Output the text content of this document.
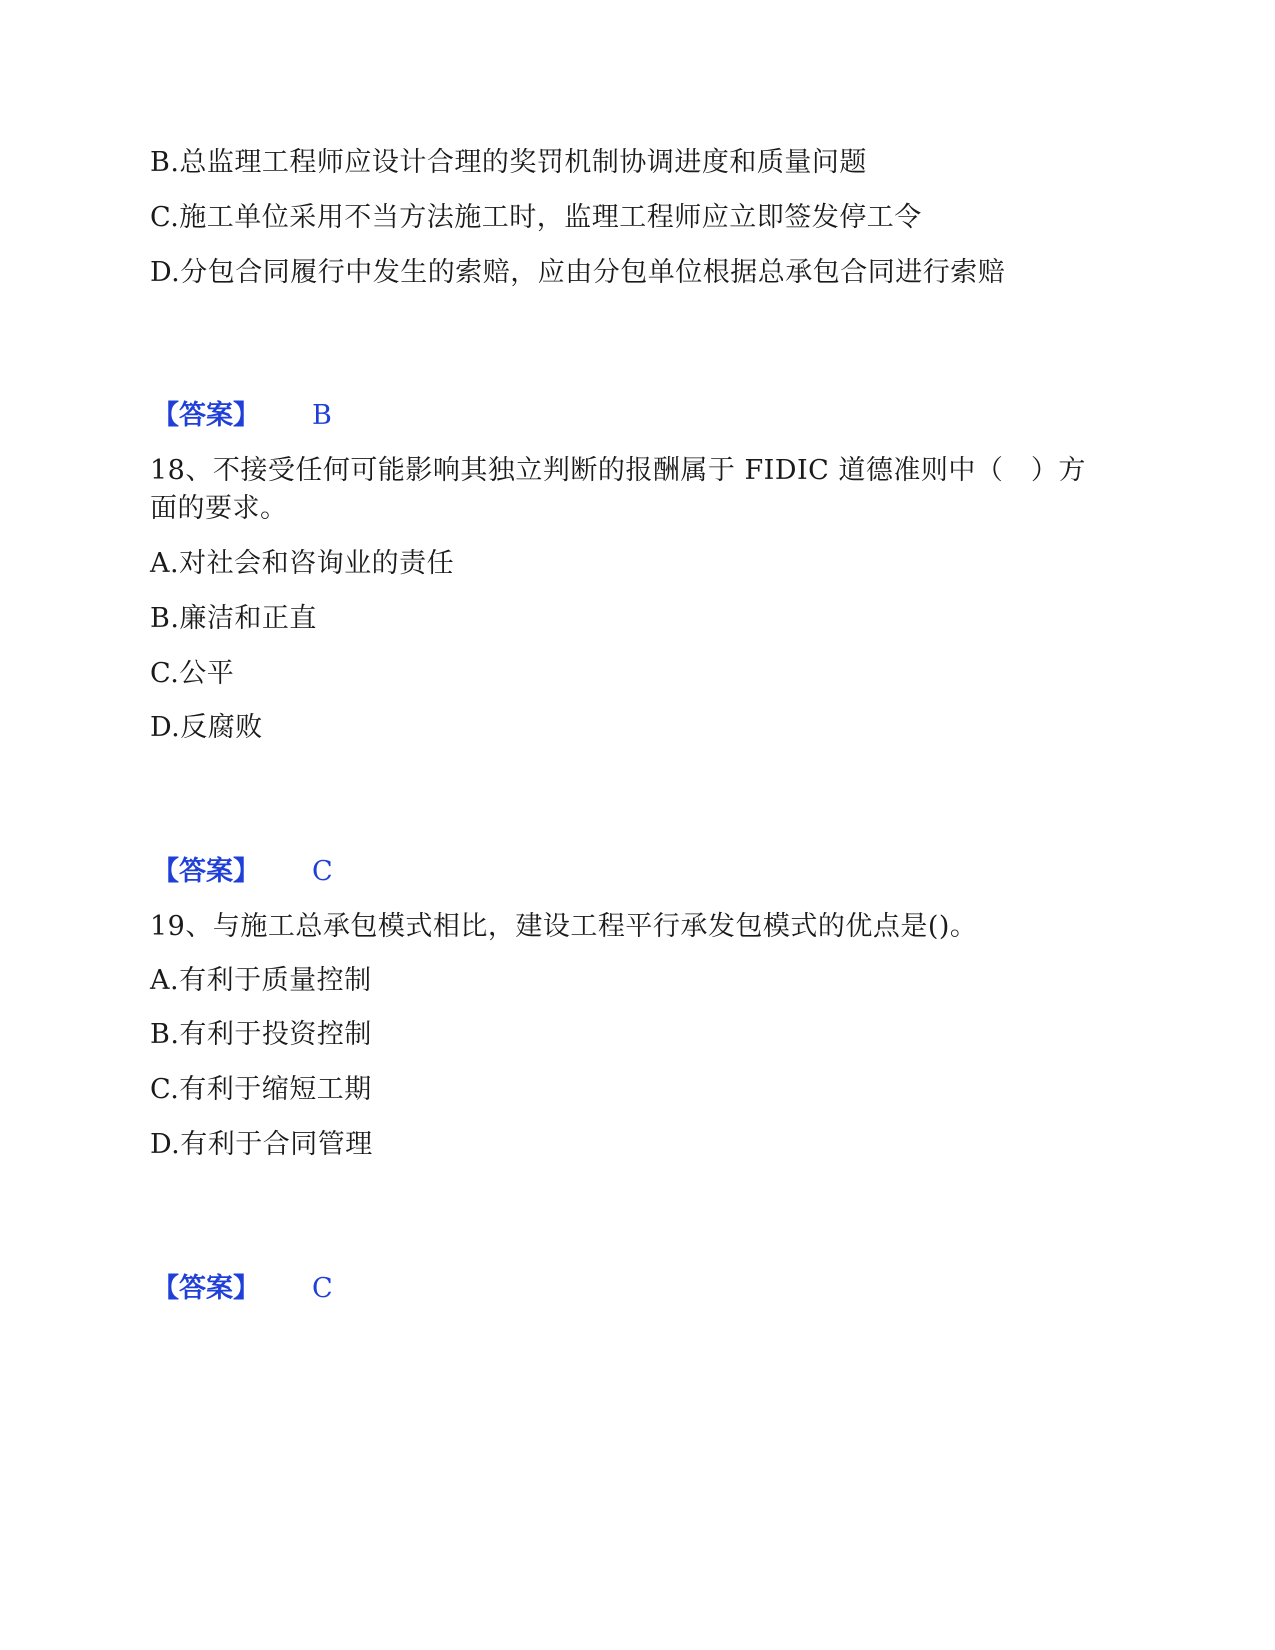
B.总监理工程师应设计合理的奖罚机制协调进度和质量问题
C.施工单位采用不当方法施工时，监理工程师应立即签发停工令
D.分包合同履行中发生的索赔，应由分包单位根据总承包合同进行索赔
【答案】 B
18、不接受任何可能影响其独立判断的报酬属于 FIDIC 道德准则中（　）方
面的要求。
A.对社会和咨询业的责任
B.廉洁和正直
C.公平
D.反腐败
【答案】 C
19、与施工总承包模式相比，建设工程平行承发包模式的优点是()。
A.有利于质量控制
B.有利于投资控制
C.有利于缩短工期
D.有利于合同管理
【答案】 C
